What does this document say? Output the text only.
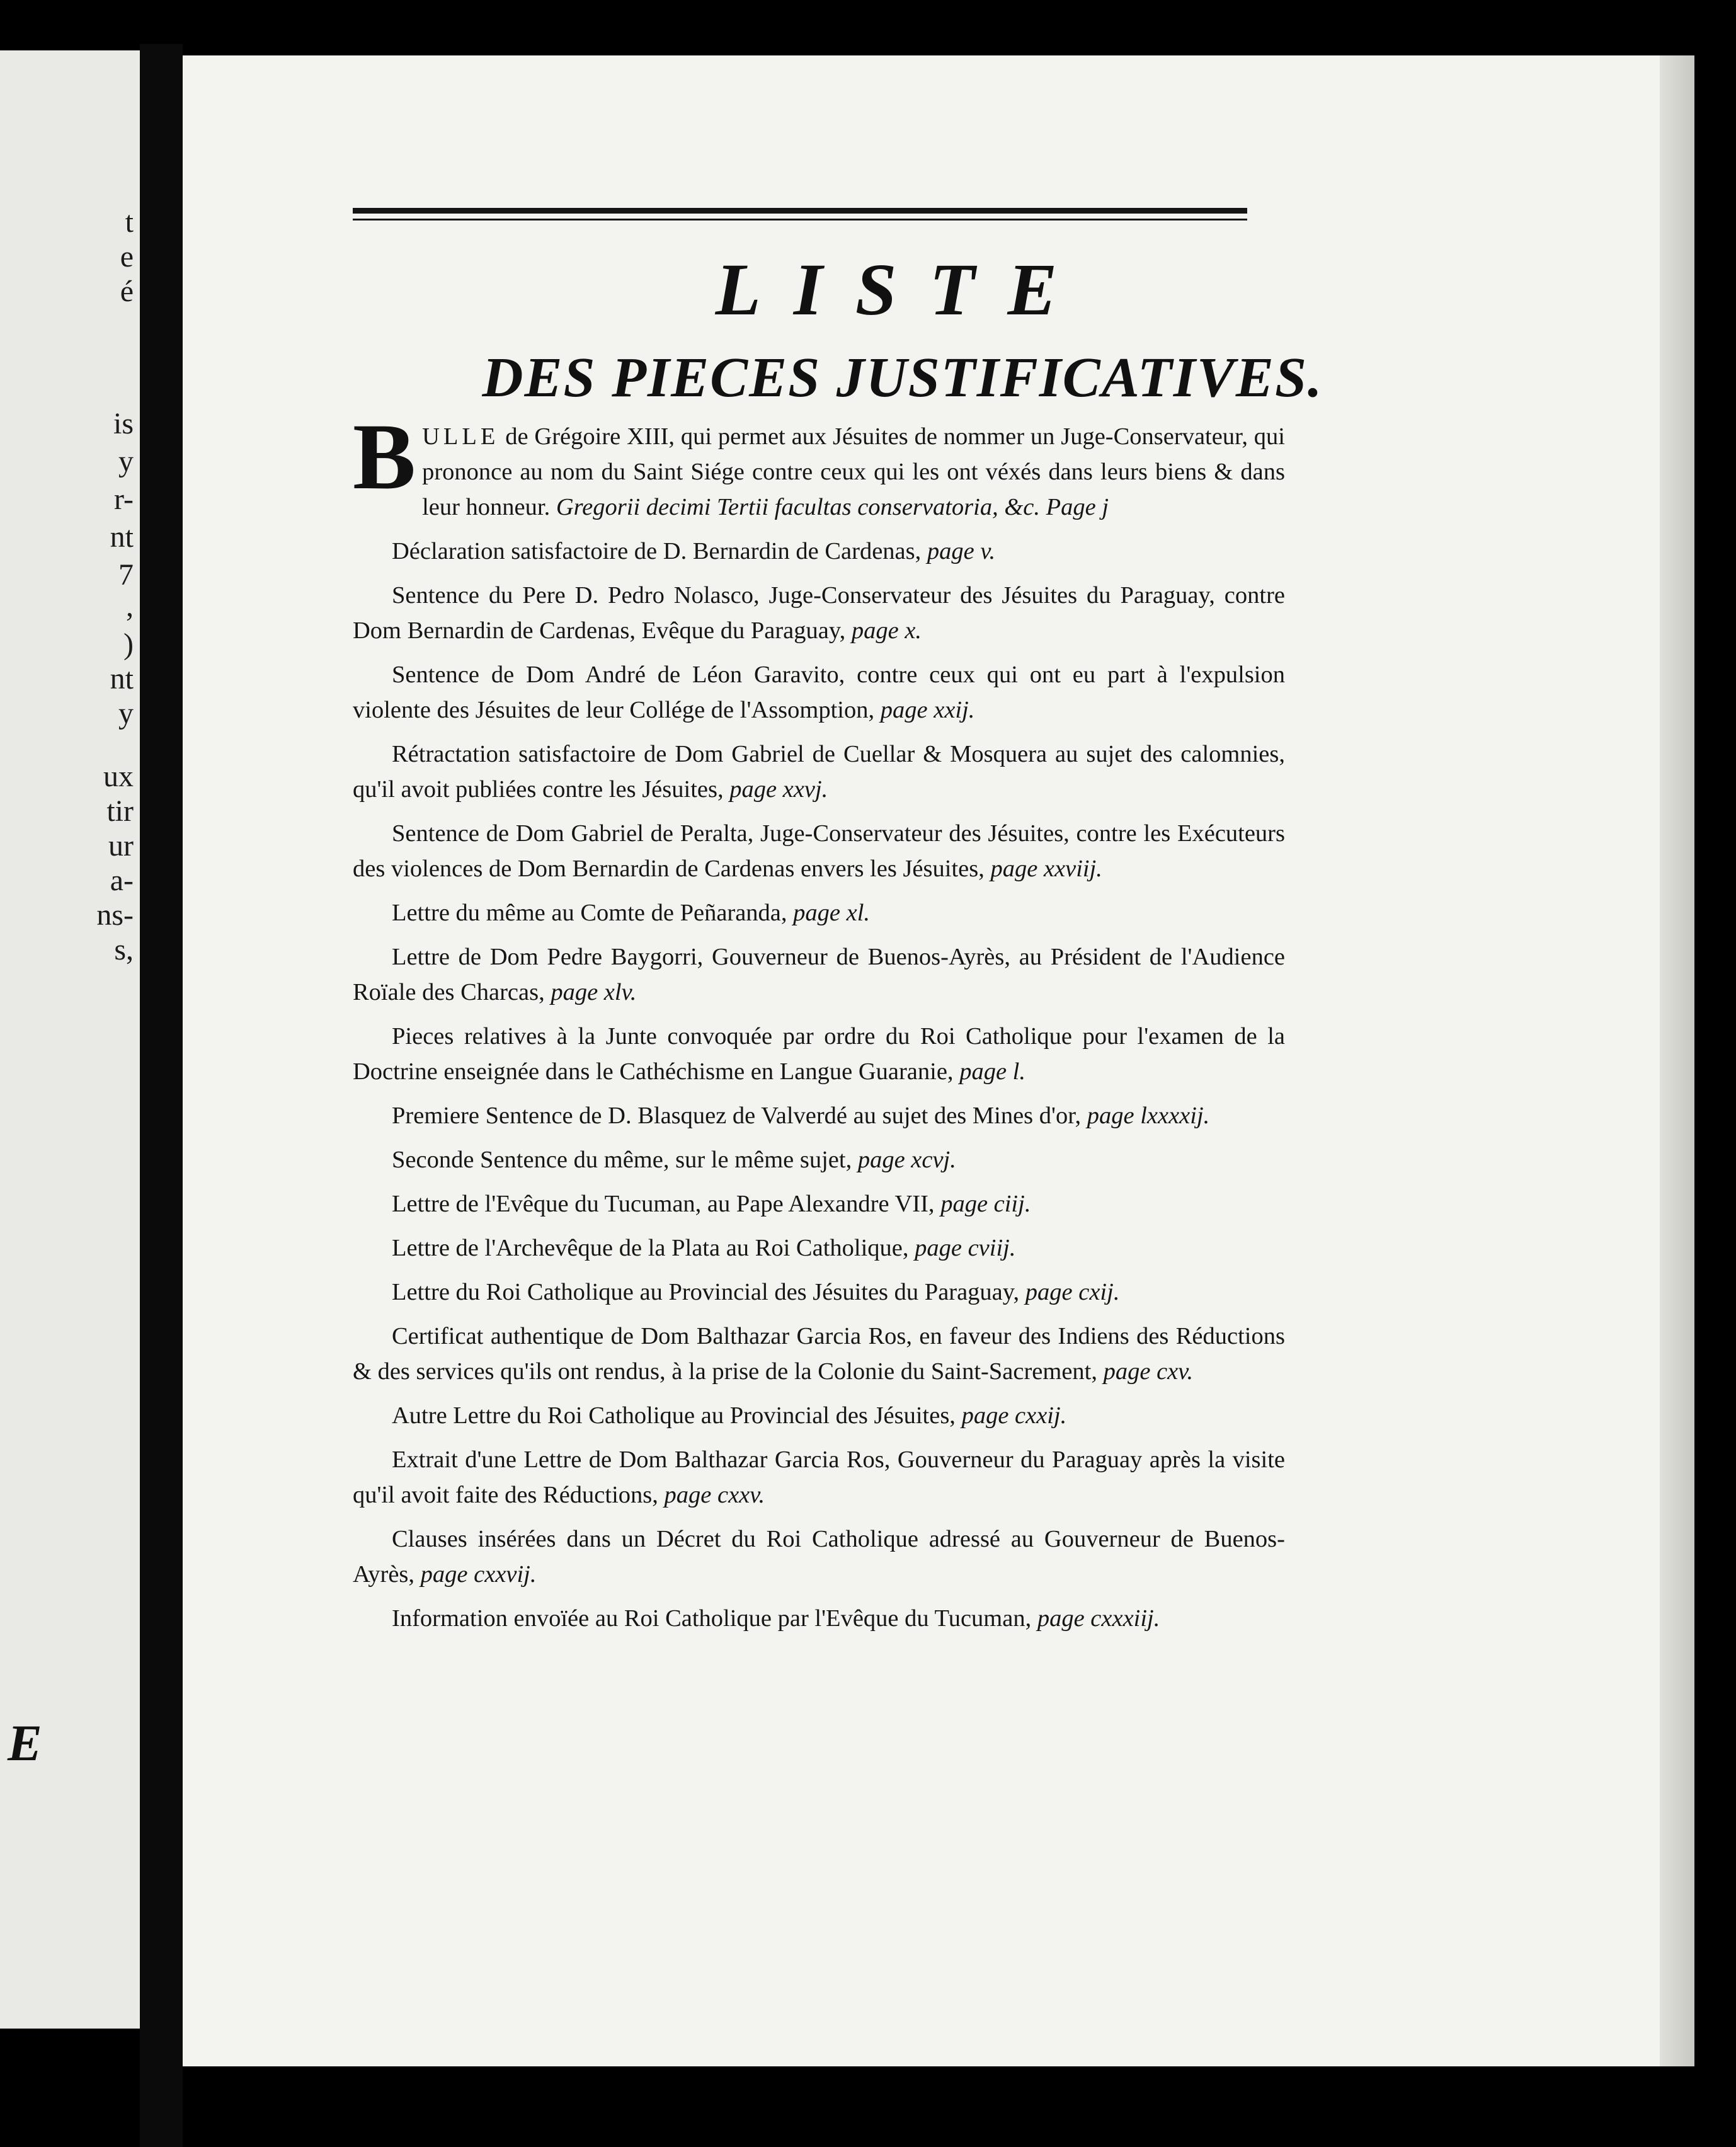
t

e

é

is

y

r-

nt

7

,

)

nt

y

ux

tir

ur

a-

ns-

s,

E

LISTE
DES PIECES JUSTIFICATIVES.
BULLE de Grégoire XIII, qui permet aux Jésuites de nommer un Juge-Conservateur, qui prononce au nom du Saint Siége contre ceux qui les ont véxés dans leurs biens & dans leur honneur. Gregorii decimi Tertii facultas conservatoria, &c. Page j
Déclaration satisfactoire de D. Bernardin de Cardenas, page v.
Sentence du Pere D. Pedro Nolasco, Juge-Conservateur des Jésuites du Paraguay, contre Dom Bernardin de Cardenas, Evêque du Paraguay, page x.
Sentence de Dom André de Léon Garavito, contre ceux qui ont eu part à l'expulsion violente des Jésuites de leur Collége de l'Assomption, page xxij.
Rétractation satisfactoire de Dom Gabriel de Cuellar & Mosquera au sujet des calomnies, qu'il avoit publiées contre les Jésuites, page xxvj.
Sentence de Dom Gabriel de Peralta, Juge-Conservateur des Jésuites, contre les Exécuteurs des violences de Dom Bernardin de Cardenas envers les Jésuites, page xxviij.
Lettre du même au Comte de Peñaranda, page xl.
Lettre de Dom Pedre Baygorri, Gouverneur de Buenos-Ayrès, au Président de l'Audience Roïale des Charcas, page xlv.
Pieces relatives à la Junte convoquée par ordre du Roi Catholique pour l'examen de la Doctrine enseignée dans le Cathéchisme en Langue Guaranie, page l.
Premiere Sentence de D. Blasquez de Valverdé au sujet des Mines d'or, page lxxxxij.
Seconde Sentence du même, sur le même sujet, page xcvj.
Lettre de l'Evêque du Tucuman, au Pape Alexandre VII, page ciij.
Lettre de l'Archevêque de la Plata au Roi Catholique, page cviij.
Lettre du Roi Catholique au Provincial des Jésuites du Paraguay, page cxij.
Certificat authentique de Dom Balthazar Garcia Ros, en faveur des Indiens des Réductions & des services qu'ils ont rendus, à la prise de la Colonie du Saint-Sacrement, page cxv.
Autre Lettre du Roi Catholique au Provincial des Jésuites, page cxxij.
Extrait d'une Lettre de Dom Balthazar Garcia Ros, Gouverneur du Paraguay après la visite qu'il avoit faite des Réductions, page cxxv.
Clauses insérées dans un Décret du Roi Catholique adressé au Gouverneur de Buenos-Ayrès, page cxxvij.
Information envoïée au Roi Catholique par l'Evêque du Tucuman, page cxxxiij.
